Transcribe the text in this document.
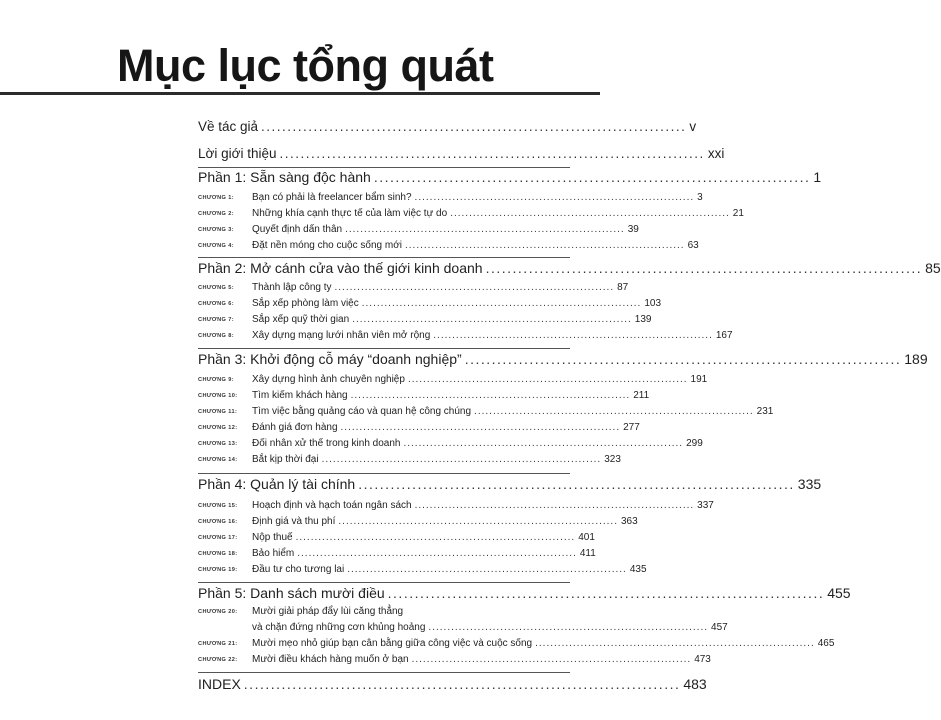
Mục lục tổng quát
Về tác giả ................................................................................. v
Lời giới thiệu ................................................................................. xxi
Phần 1: Sẵn sàng độc hành ................................................................................. 1
CHƯƠNG 1: Bạn có phải là freelancer bẩm sinh? .......................................................................... 3
CHƯƠNG 2: Những khía cạnh thực tế của làm việc tự do .......................................................................... 21
CHƯƠNG 3: Quyết định dấn thân .......................................................................... 39
CHƯƠNG 4: Đặt nền móng cho cuộc sống mới .......................................................................... 63
Phần 2: Mở cánh cửa vào thế giới kinh doanh ................................................................................. 85
CHƯƠNG 5: Thành lập công ty .......................................................................... 87
CHƯƠNG 6: Sắp xếp phòng làm việc .......................................................................... 103
CHƯƠNG 7: Sắp xếp quỹ thời gian .......................................................................... 139
CHƯƠNG 8: Xây dựng mạng lưới nhân viên mở rộng .......................................................................... 167
Phần 3: Khởi động cỗ máy “doanh nghiệp” ................................................................................. 189
CHƯƠNG 9: Xây dựng hình ảnh chuyên nghiệp .......................................................................... 191
CHƯƠNG 10: Tìm kiếm khách hàng .......................................................................... 211
CHƯƠNG 11: Tìm việc bằng quảng cáo và quan hệ công chúng .......................................................................... 231
CHƯƠNG 12: Đánh giá đơn hàng .......................................................................... 277
CHƯƠNG 13: Đối nhân xử thế trong kinh doanh .......................................................................... 299
CHƯƠNG 14: Bắt kịp thời đại .......................................................................... 323
Phần 4: Quản lý tài chính ................................................................................. 335
CHƯƠNG 15: Hoạch định và hạch toán ngân sách .......................................................................... 337
CHƯƠNG 16: Định giá và thu phí .......................................................................... 363
CHƯƠNG 17: Nộp thuế .......................................................................... 401
CHƯƠNG 18: Bảo hiểm .......................................................................... 411
CHƯƠNG 19: Đầu tư cho tương lai .......................................................................... 435
Phần 5: Danh sách mười điều ................................................................................. 455
CHƯƠNG 20: Mười giải pháp đẩy lùi căng thẳng
và chặn đứng những cơn khủng hoảng .......................................................................... 457
CHƯƠNG 21: Mười mẹo nhỏ giúp bạn cân bằng giữa công việc và cuộc sống .......................................................................... 465
CHƯƠNG 22: Mười điều khách hàng muốn ở bạn .......................................................................... 473
INDEX ................................................................................. 483
